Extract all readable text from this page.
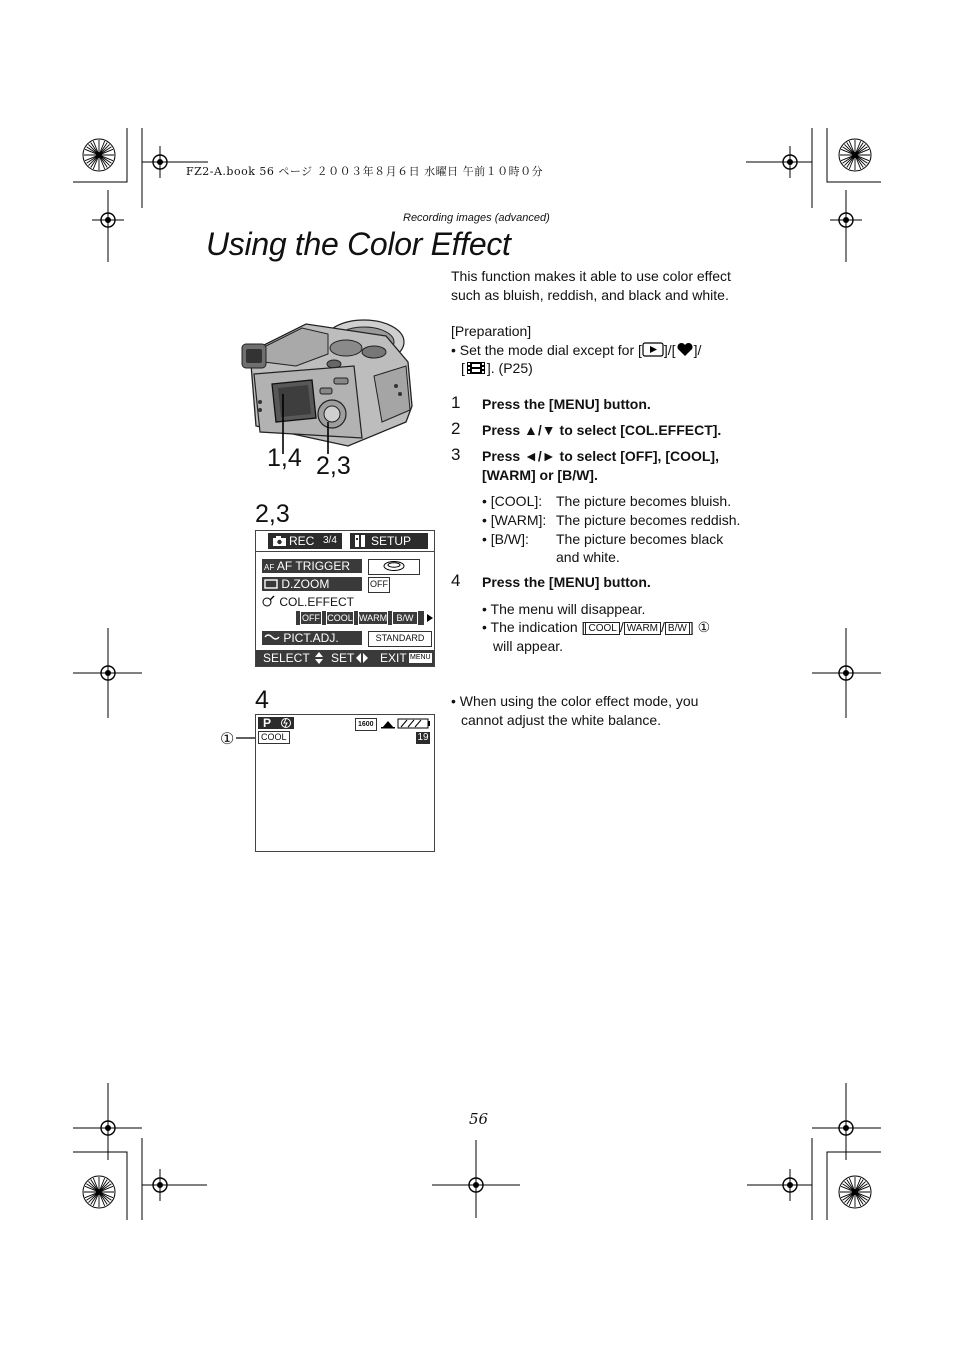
FZ2-A.book 56 ページ ２００３年８月６日 水曜日 午前１０時０分
Recording images (advanced)
Using the Color Effect
This function makes it able to use color effect
such as bluish, reddish, and black and white.
[Preparation]
• Set the mode dial except for [ ]/[ ]/
[ ]. (P25)
1 Press the [MENU] button.
2 Press ▲/▼ to select [COL.EFFECT].
3 Press ◄/► to select [OFF], [COOL],
[WARM] or [B/W].
• [COOL]: The picture becomes bluish.
• [WARM]: The picture becomes reddish.
• [B/W]: The picture becomes black
and white.
4 Press the [MENU] button.
• The menu will disappear.
• The indication [ COOL / WARM / B/W ] ①
will appear.
• When using the color effect mode, you
cannot adjust the white balance.
1,4 2,3
2,3
REC 3/4	SETUP
AF AF TRIGGER
D.ZOOM	OFF
COL.EFFECT
OFF COOL WARM	B/W
PICT.ADJ.	STANDARD
SELECT SET EXIT MENU
4
①
P
COOL
1600
19
56
